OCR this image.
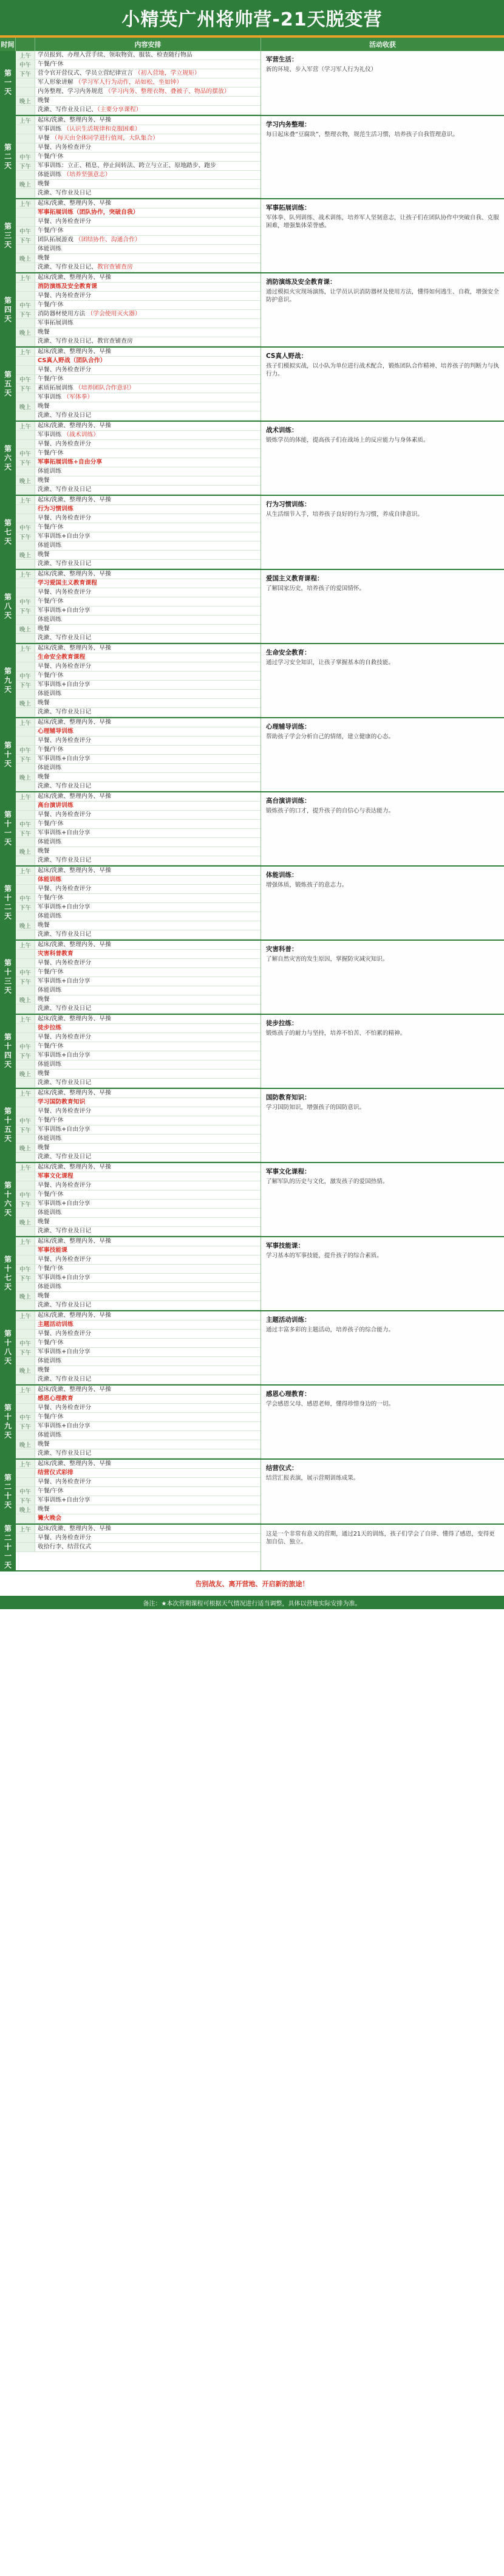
小精英广州将帅营-21天脱变营
时间	内容安排	活动收获
第一天
上午	学员报到、办理入营手续、领取物资、服装、检查随行物品
中午	午餐/午休
下午	营令官开营仪式、学员立营纪律宣言 （初入营地，学立规矩）
军人形象讲解 （学习军人行为动作，站如松、坐如钟）
内务整理、学习内务规范 （学习内务、整理衣物、叠被子、物品的摆放）
晚上	晚餐
洗漱、写作业及日记、（主要分享课程）
军营生活：
新的环境、步入军营（学习军人行为礼仪）
第二天
上午	起床/洗漱、整理内务、早操
军事训练 （认识生活规律和克服困难）
早餐 （每天由全体同学进行值周，大队集合）
早餐、内务检查评分
中午	午餐/午休
下午	军事训练：立正、稍息、停止间转法、跨立与立正、原地踏步、跑步
体能训练 （培养坚强意志）
晚上	晚餐
洗漱、写作业及日记
学习内务整理：
每日起床叠“豆腐块”，整理衣物，规范生活习惯，培养孩子自我管理意识。
第三天
上午	起床/洗漱、整理内务、早操
军事拓展训练（团队协作，突破自我）
早餐、内务检查评分
中午	午餐/午休
下午	团队拓展游戏 （团结协作、沟通合作）
体能训练
晚上	晚餐
洗漱、写作业及日记、教官查铺查房
军事拓展训练：
军体拳、队列训练、战术训练，培养军人坚韧意志，让孩子们在团队协作中突破自我、克服困难，增强集体荣誉感。
第四天
上午	起床/洗漱、整理内务、早操
消防演练及安全教育课
早餐、内务检查评分
中午	午餐/午休
下午	消防器材使用方法 （学会使用灭火器）
军事拓展训练
晚上	晚餐
洗漱、写作业及日记、教官查铺查房
消防演练及安全教育课：
通过模拟火灾现场演练，让学员认识消防器材及使用方法，懂得如何逃生、自救，增强安全防护意识。
第五天
上午	起床/洗漱、整理内务、早操
CS真人野战（团队合作）
早餐、内务检查评分
中午	午餐/午休
下午	素质拓展训练 （培养团队合作意识）
军事训练 （军体拳）
晚上	晚餐
洗漱、写作业及日记
CS真人野战：
孩子们模拟实战，以小队为单位进行战术配合，锻炼团队合作精神、培养孩子的判断力与执行力。
第六天
上午	起床/洗漱、整理内务、早操
军事训练 （战术训练）
早餐、内务检查评分
中午	午餐/午休
下午	军事拓展训练+自由分享
体能训练
晚上	晚餐
洗漱、写作业及日记
战术训练：
锻炼学员的体能，提高孩子们在战场上的反应能力与身体素质。
第七天
上午	起床/洗漱、整理内务、早操
行为习惯训练
早餐、内务检查评分
中午	午餐/午休
下午	军事训练+自由分享
体能训练
晚上	晚餐
洗漱、写作业及日记
行为习惯训练：
从生活细节入手，培养孩子良好的行为习惯，养成自律意识。
第八天
上午	起床/洗漱、整理内务、早操
学习爱国主义教育课程
早餐、内务检查评分
中午	午餐/午休
下午	军事训练+自由分享
体能训练
晚上	晚餐
洗漱、写作业及日记
爱国主义教育课程：
了解国家历史，培养孩子的爱国情怀。
第九天
上午	起床/洗漱、整理内务、早操
生命安全教育课程
早餐、内务检查评分
中午	午餐/午休
下午	军事训练+自由分享
体能训练
晚上	晚餐
洗漱、写作业及日记
生命安全教育：
通过学习安全知识，让孩子掌握基本的自救技能。
第十天
上午	起床/洗漱、整理内务、早操
心理辅导训练
早餐、内务检查评分
中午	午餐/午休
下午	军事训练+自由分享
体能训练
晚上	晚餐
洗漱、写作业及日记
心理辅导训练：
帮助孩子学会分析自己的情绪，建立健康的心态。
第十一天
上午	起床/洗漱、整理内务、早操
高台演讲训练
早餐、内务检查评分
中午	午餐/午休
下午	军事训练+自由分享
体能训练
晚上	晚餐
洗漱、写作业及日记
高台演讲训练：
锻炼孩子的口才，提升孩子的自信心与表达能力。
第十二天
上午	起床/洗漱、整理内务、早操
体能训练
早餐、内务检查评分
中午	午餐/午休
下午	军事训练+自由分享
体能训练
晚上	晚餐
洗漱、写作业及日记
体能训练：
增强体质，锻炼孩子的意志力。
第十三天
上午	起床/洗漱、整理内务、早操
灾害科普教育
早餐、内务检查评分
中午	午餐/午休
下午	军事训练+自由分享
体能训练
晚上	晚餐
洗漱、写作业及日记
灾害科普：
了解自然灾害的发生原因，掌握防灾减灾知识。
第十四天
上午	起床/洗漱、整理内务、早操
徒步拉练
早餐、内务检查评分
中午	午餐/午休
下午	军事训练+自由分享
体能训练
晚上	晚餐
洗漱、写作业及日记
徒步拉练：
锻炼孩子的耐力与坚持，培养不怕苦、不怕累的精神。
第十五天
上午	起床/洗漱、整理内务、早操
学习国防教育知识
早餐、内务检查评分
中午	午餐/午休
下午	军事训练+自由分享
体能训练
晚上	晚餐
洗漱、写作业及日记
国防教育知识：
学习国防知识，增强孩子的国防意识。
第十六天
上午	起床/洗漱、整理内务、早操
军事文化课程
早餐、内务检查评分
中午	午餐/午休
下午	军事训练+自由分享
体能训练
晚上	晚餐
洗漱、写作业及日记
军事文化课程：
了解军队的历史与文化，激发孩子的爱国热情。
第十七天
上午	起床/洗漱、整理内务、早操
军事技能课
早餐、内务检查评分
中午	午餐/午休
下午	军事训练+自由分享
体能训练
晚上	晚餐
洗漱、写作业及日记
军事技能课：
学习基本的军事技能，提升孩子的综合素质。
第十八天
上午	起床/洗漱、整理内务、早操
主题活动训练
早餐、内务检查评分
中午	午餐/午休
下午	军事训练+自由分享
体能训练
晚上	晚餐
洗漱、写作业及日记
主题活动训练：
通过丰富多彩的主题活动，培养孩子的综合能力。
第十九天
上午	起床/洗漱、整理内务、早操
感恩心理教育
早餐、内务检查评分
中午	午餐/午休
下午	军事训练+自由分享
体能训练
晚上	晚餐
洗漱、写作业及日记
感恩心理教育：
学会感恩父母、感恩老师，懂得珍惜身边的一切。
第二十天
上午	起床/洗漱、整理内务、早操
结营仪式彩排
早餐、内务检查评分
中午	午餐/午休
下午	军事训练+自由分享
晚上	晚餐
篝火晚会
结营仪式：
结营汇报表演，展示营期训练成果。
第二十一天	上午	起床/洗漱、整理内务、早操
早餐、内务检查评分
收拾行李、结营仪式
这是一个非常有意义的营期，通过21天的训练，孩子们学会了自律、懂得了感恩，变得更加自信、独立。
告别战友、离开营地、开启新的旅途！
备注：★本次营期课程可根据天气情况进行适当调整，具体以营地实际安排为准。
